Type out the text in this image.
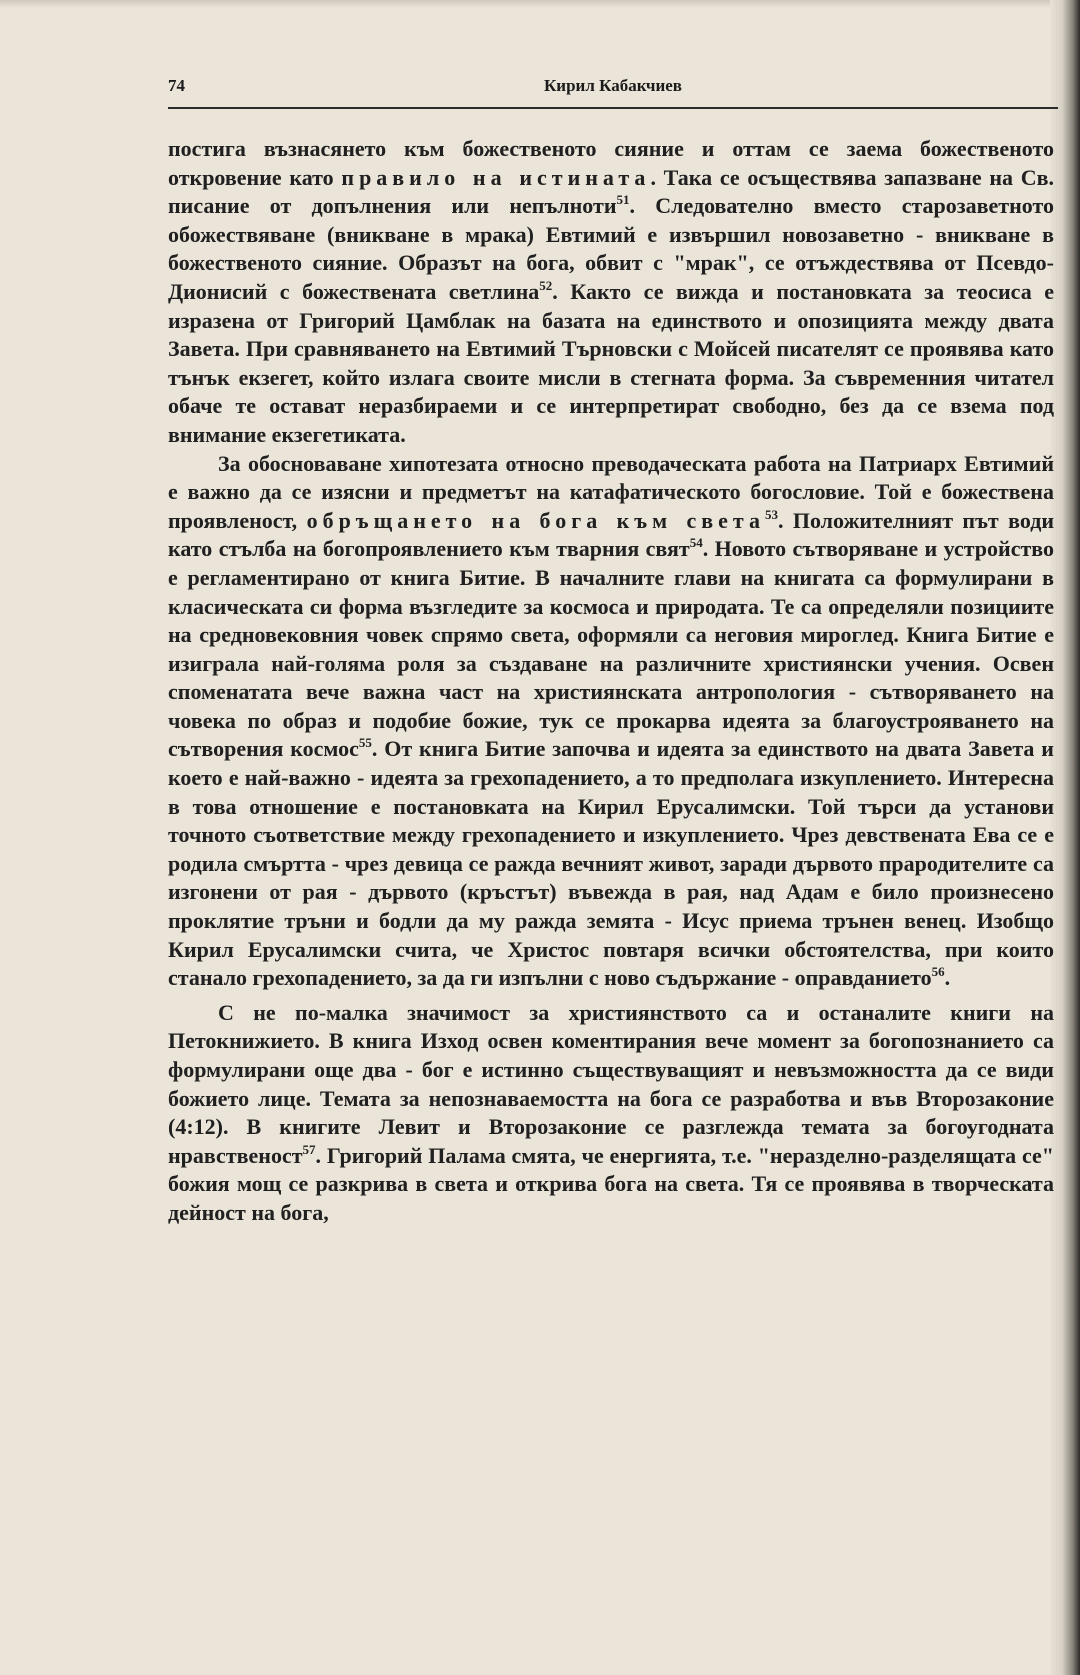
74	Кирил Кабакчиев

постига възнасянето към божественото сияние и оттам се заема божественото откровение като правило на истината. Така се осъществява запазване на Св. писание от допълнения или непълноти$^{51}$. Следователно вместо старозаветното обожествяване (вникване в мрака) Евтимий е извършил новозаветно - вникване в божественото сияние. Образът на бога, обвит с "мрак", се отъждествява от Псевдо-Дионисий с божествената светлина$^{52}$. Както се вижда и постановката за теосиса е изразена от Григорий Цамблак на базата на единството и опозицията между двата Завета. При сравняването на Евтимий Търновски с Мойсей писателят се проявява като тънък екзегет, който излага своите мисли в стегната форма. За съвременния читател обаче те остават неразбираеми и се интерпретират свободно, без да се взема под внимание екзегетиката.

За обосноваване хипотезата относно преводаческата работа на Патриарх Евтимий е важно да се изясни и предметът на катафатическото богословие. Той е божествена проявленост, обръщането на бога към света$^{53}$. Положителният път води като стълба на богопроявлението към тварния свят$^{54}$. Новото сътворяване и устройство е регламентирано от книга Битие. В началните глави на книгата са формулирани в класическата си форма възгледите за космоса и природата. Те са определяли позициите на средновековния човек спрямо света, оформяли са неговия мироглед. Книга Битие е изиграла най-голяма роля за създаване на различните християнски учения. Освен споменатата вече важна част на християнската антропология - сътворяването на човека по образ и подобие божие, тук се прокарва идеята за благоустрояването на сътворения космос$^{55}$. От книга Битие започва и идеята за единството на двата Завета и което е най-важно - идеята за грехопадението, а то предполага изкуплението. Интересна в това отношение е постановката на Кирил Ерусалимски. Той търси да установи точното съответствие между грехопадението и изкуплението. Чрез девствената Ева се е родила смъртта - чрез девица се ражда вечният живот, заради дървото прародителите са изгонени от рая - дървото (кръстът) въвежда в рая, над Адам е било произнесено проклятие тръни и бодли да му ражда земята - Исус приема трънен венец. Изобщо Кирил Ерусалимски счита, че Христос повтаря всички обстоятелства, при които станало грехопадението, за да ги изпълни с ново съдържание - оправданието$^{56}$.

С не по-малка значимост за християнството са и останалите книги на Петокнижието. В книга Изход освен коментирания вече момент за богопознанието са формулирани още два - бог е истинно съществуващият и невъзможността да се види божието лице. Темата за непознаваемостта на бога се разработва и във Второзаконие (4:12). В книгите Левит и Второзаконие се разглежда темата за богоугодната нравственост$^{57}$. Григорий Палама смята, че енергията, т.е. "неразделно-разделящата се" божия мощ се разкрива в света и открива бога на света. Тя се проявява в творческата дейност на бога,
